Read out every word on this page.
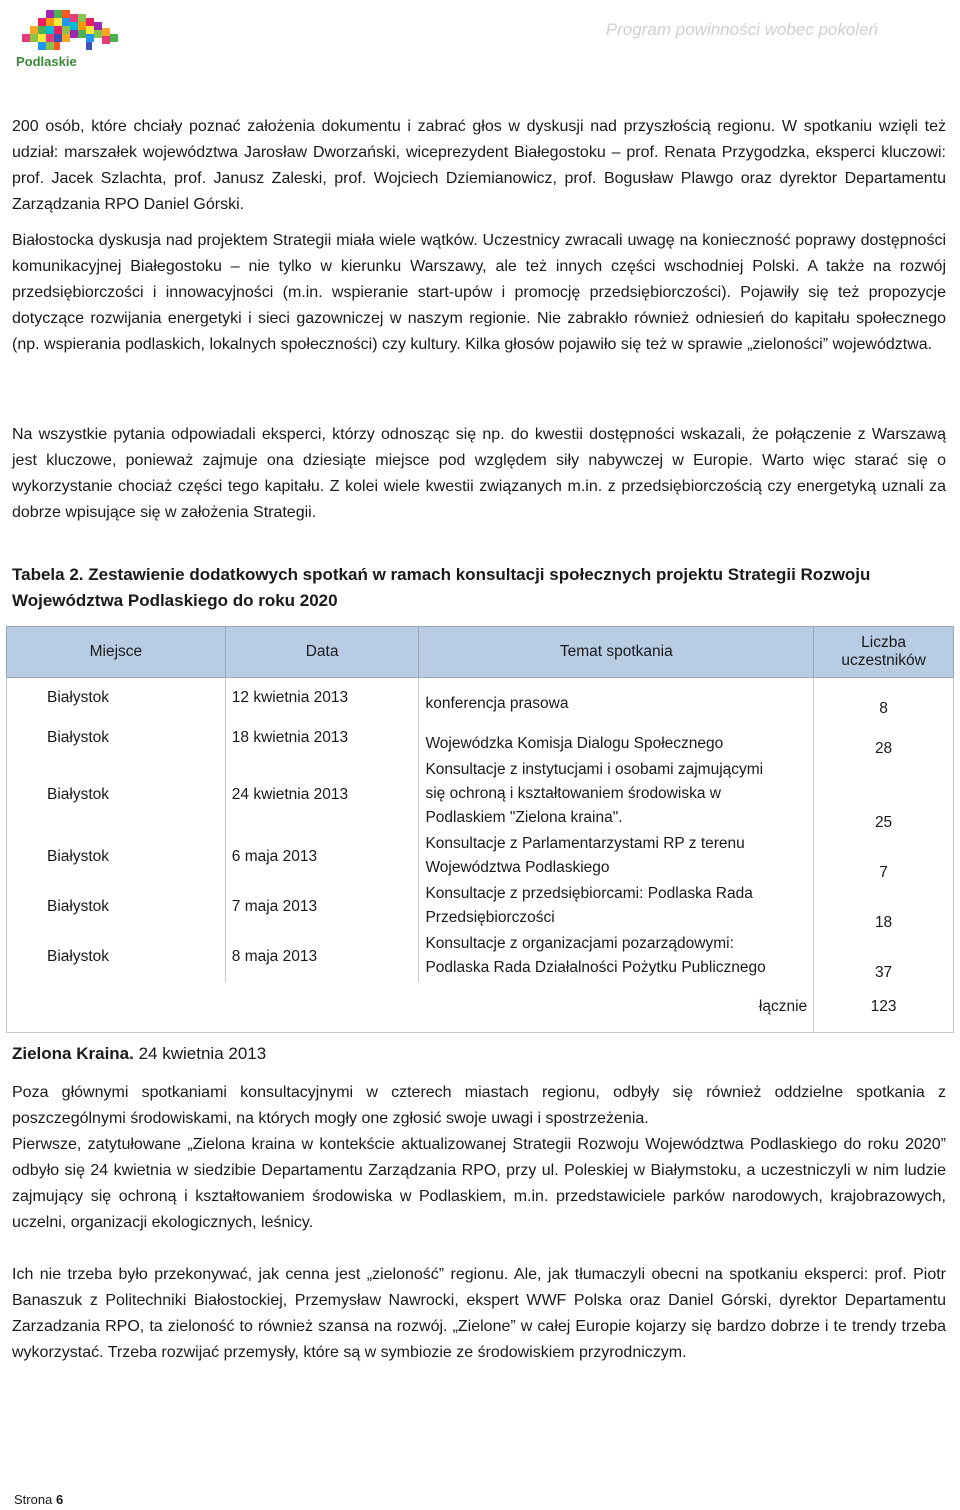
Podlaskie
Program powinności wobec pokoleń

200 osób, które chciały poznać założenia dokumentu i zabrać głos w dyskusji nad przyszłością regionu. W spotkaniu wzięli też udział: marszałek województwa Jarosław Dworzański, wiceprezydent Białegostoku – prof. Renata Przygodzka, eksperci kluczowi: prof. Jacek Szlachta, prof. Janusz Zaleski, prof. Wojciech Dziemianowicz, prof. Bogusław Plawgo oraz dyrektor Departamentu Zarządzania RPO Daniel Górski.

Białostocka dyskusja nad projektem Strategii miała wiele wątków. Uczestnicy zwracali uwagę na konieczność poprawy dostępności komunikacyjnej Białegostoku – nie tylko w kierunku Warszawy, ale też innych części wschodniej Polski. A także na rozwój przedsiębiorczości i innowacyjności (m.in. wspieranie start-upów i promocję przedsiębiorczości). Pojawiły się też propozycje dotyczące rozwijania energetyki i sieci gazowniczej w naszym regionie. Nie zabrakło również odniesień do kapitału społecznego (np. wspierania podlaskich, lokalnych społeczności) czy kultury. Kilka głosów pojawiło się też w sprawie „zieloności” województwa.

Na wszystkie pytania odpowiadali eksperci, którzy odnosząc się np. do kwestii dostępności wskazali, że połączenie z Warszawą jest kluczowe, ponieważ zajmuje ona dziesiąte miejsce pod względem siły nabywczej w Europie. Warto więc starać się o wykorzystanie chociaż części tego kapitału. Z kolei wiele kwestii związanych m.in. z przedsiębiorczością czy energetyką uznali za dobrze wpisujące się w założenia Strategii.

Tabela 2. Zestawienie dodatkowych spotkań w ramach konsultacji społecznych projektu Strategii Rozwoju Województwa Podlaskiego do roku 2020

Miejsce	Data	Temat spotkania	Liczba
uczestników

Białystok	12 kwietnia 2013	konferencja prasowa	8
Białystok	18 kwietnia 2013	Wojewódzka Komisja Dialogu Społecznego	28
Białystok	24 kwietnia 2013	Konsultacje z instytucjami i osobami zajmującymi
się ochroną i kształtowaniem środowiska w
Podlaskiem "Zielona kraina".	25
Białystok	6 maja 2013	Konsultacje z Parlamentarzystami RP z terenu
Województwa Podlaskiego	7
Białystok	7 maja 2013	Konsultacje z przedsiębiorcami: Podlaska Rada
Przedsiębiorczości	18
Białystok	8 maja 2013	Konsultacje z organizacjami pozarządowymi:
Podlaska Rada Działalności Pożytku Publicznego	37
		łącznie	123
Zielona Kraina. 24 kwietnia 2013

Poza głównymi spotkaniami konsultacyjnymi w czterech miastach regionu, odbyły się również oddzielne spotkania z poszczególnymi środowiskami, na których mogły one zgłosić swoje uwagi i spostrzeżenia.

Pierwsze, zatytułowane „Zielona kraina w kontekście aktualizowanej Strategii Rozwoju Województwa Podlaskiego do roku 2020” odbyło się 24 kwietnia w siedzibie Departamentu Zarządzania RPO, przy ul. Poleskiej w Białymstoku, a uczestniczyli w nim ludzie zajmujący się ochroną i kształtowaniem środowiska w Podlaskiem, m.in. przedstawiciele parków narodowych, krajobrazowych, uczelni, organizacji ekologicznych, leśnicy.

Ich nie trzeba było przekonywać, jak cenna jest „zieloność” regionu. Ale, jak tłumaczyli obecni na spotkaniu eksperci: prof. Piotr Banaszuk z Politechniki Białostockiej, Przemysław Nawrocki, ekspert WWF Polska oraz Daniel Górski, dyrektor Departamentu Zarzadzania RPO, ta zieloność to również szansa na rozwój. „Zielone” w całej Europie kojarzy się bardzo dobrze i te trendy trzeba wykorzystać. Trzeba rozwijać przemysły, które są w symbiozie ze środowiskiem przyrodniczym.

Strona 6
